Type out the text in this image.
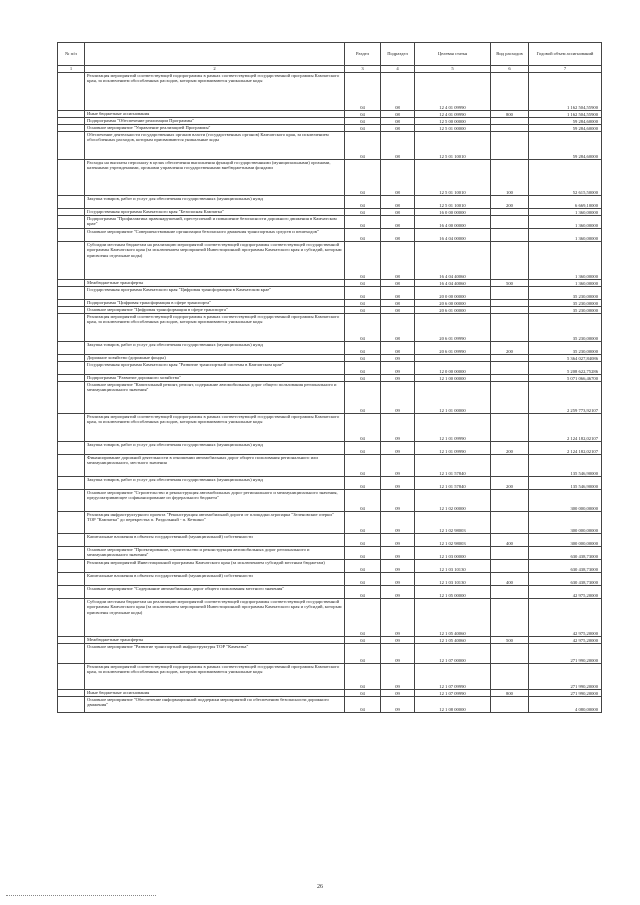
№ п/п		Раздел	Подраздел	Целевая статья	Вид расходов	Годовой объем ассигнований
1	2	3	4	5	6	7
	Реализация мероприятий соответствующей подпрограммы в рамках соответствующей государственной программы Камчатского края, за исключением обособленных расходов, которым присваиваются уникальные коды	04	08	12 4 01 09990		1 162 504,55900
	Иные бюджетные ассигнования	04	08	12 4 01 09990	800	1 162 504,55900
	Подпрограмма "Обеспечение реализации Программы"	04	08	12 5 00 00000		59 284,60000
	Основное мероприятие "Управление реализацией Программы"	04	08	12 5 01 00000		59 284,60000
	Обеспечение деятельности государственных органов власти (государственных органов) Камчатского края, за исключением обособленных расходов, которым присваиваются уникальные коды	04	08	12 5 01 10010		59 284,60000
	Расходы на выплаты персоналу в целях обеспечения выполнения функций государственными (муниципальными) органами, казенными учреждениями, органами управления государственными внебюджетными фондами	04	08	12 5 01 10010	100	52 615,50000
	Закупка товаров, работ и услуг для обеспечения государственных (муниципальных) нужд	04	08	12 5 01 10010	200	6 669,10000
	Государственная программа Камчатского края "Безопасная Камчатка"	04	08	16 0 00 00000		1 360,00000
	Подпрограмма "Профилактика правонарушений, преступлений и повышение безопасности дорожного движения в Камчатском крае"	04	08	16 4 00 00000		1 360,00000
	Основное мероприятие "Совершенствование организации безопасного движения транспортных средств и пешеходов"	04	08	16 4 04 00000		1 360,00000
	Субсидии местным бюджетам на реализацию мероприятий соответствующей подпрограммы соответствующей государственной программы Камчатского края (за исключением мероприятий Инвестиционной программы Камчатского края и субсидий, которым присвоены отдельные коды)	04	08	16 4 04 40060		1 360,00000
	Межбюджетные трансферты	04	08	16 4 04 40060	500	1 360,00000
	Государственная программа Камчатского края "Цифровая трансформация в Камчатском крае"	04	08	20 0 00 00000		35 230,00000
	Подпрограмма "Цифровая трансформация в сфере транспорта"	04	08	20 6 00 00000		35 230,00000
	Основное мероприятие "Цифровая трансформация в сфере транспорта"	04	08	20 6 01 00000		35 230,00000
	Реализация мероприятий соответствующей подпрограммы в рамках соответствующей государственной программы Камчатского края, за исключением обособленных расходов, которым присваиваются уникальные коды	04	08	20 6 01 09990		35 230,00000
	Закупка товаров, работ и услуг для обеспечения государственных (муниципальных) нужд	04	08	20 6 01 09990	200	35 230,00000
	Дорожное хозяйство (дорожные фонды)	04	09			5 364 027,84086
	Государственная программа Камчатского края "Развитие транспортной системы в Камчатском крае"	04	09	12 0 00 00000		5 208 622,75286
	Подпрограмма "Развитие дорожного хозяйства"	04	09	12 1 00 00000		5 071 066,46700
	Основное мероприятие "Капитальный ремонт, ремонт, содержание автомобильных дорог общего пользования регионального и межмуниципального значения"	04	09	12 1 01 00000		2 259 773,92107
	Реализация мероприятий соответствующей подпрограммы в рамках соответствующей государственной программы Камчатского края, за исключением обособленных расходов, которым присваиваются уникальные коды	04	09	12 1 01 09990		2 124 182,02107
	Закупка товаров, работ и услуг для обеспечения государственных (муниципальных) нужд	04	09	12 1 01 09990	200	2 124 182,02107
	Финансирование дорожной деятельности в отношении автомобильных дорог общего пользования регионального или межмуниципального, местного значения	04	09	12 1 01 57840		135 546,90000
	Закупка товаров, работ и услуг для обеспечения государственных (муниципальных) нужд	04	09	12 1 01 57840	200	135 546,90000
	Основное мероприятие "Строительство и реконструкция автомобильных дорог регионального и межмуниципального значения, предусматривающее софинансирование из федерального бюджета"	04	09	12 1 02 00000		300 000,00000
	Реализация инфраструктурного проекта "Реконструкция автомобильной дороги от площадки агропарка "Зеленовские озерки" ТОР "Камчатка" до перекрестка п. Раздольный - п. Кеткино"	04	09	12 1 02 98003		300 000,00000
	Капитальные вложения в объекты государственной (муниципальной) собственности	04	09	12 1 02 98003	400	300 000,00000
	Основное мероприятие "Проектирование, строительство и реконструкция автомобильных дорог регионального и межмуниципального значения"	04	09	12 1 03 00000		630 438,73000
	Реализация мероприятий Инвестиционной программы Камчатского края (за исключением субсидий местным бюджетам)	04	09	12 1 03 10130		630 438,73000
	Капитальные вложения в объекты государственной (муниципальной) собственности	04	09	12 1 03 10130	400	630 438,73000
	Основное мероприятие "Содержание автомобильных дорог общего пользования местного значения"	04	09	12 1 05 00000		42 975,20000
	Субсидии местным бюджетам на реализацию мероприятий соответствующей подпрограммы соответствующей государственной программы Камчатского края (за исключением мероприятий Инвестиционной программы Камчатского края и субсидий, которым присвоены отдельные коды)	04	09	12 1 05 40060		42 975,20000
	Межбюджетные трансферты	04	09	12 1 05 40060	500	42 975,20000
	Основное мероприятие "Развитие транспортной инфраструктуры ТОР "Камчатка"	04	09	12 1 07 00000		271 990,20000
	Реализация мероприятий соответствующей подпрограммы в рамках соответствующей государственной программы Камчатского края, за исключением обособленных расходов, которым присваиваются уникальные коды	04	09	12 1 07 09990		271 990,20000
	Иные бюджетные ассигнования	04	09	12 1 07 09990	800	271 990,20000
	Основное мероприятие "Обеспечение информационной поддержки мероприятий по обеспечению безопасности дорожного движения"	04	09	12 1 08 00000		4 080,00000
26
